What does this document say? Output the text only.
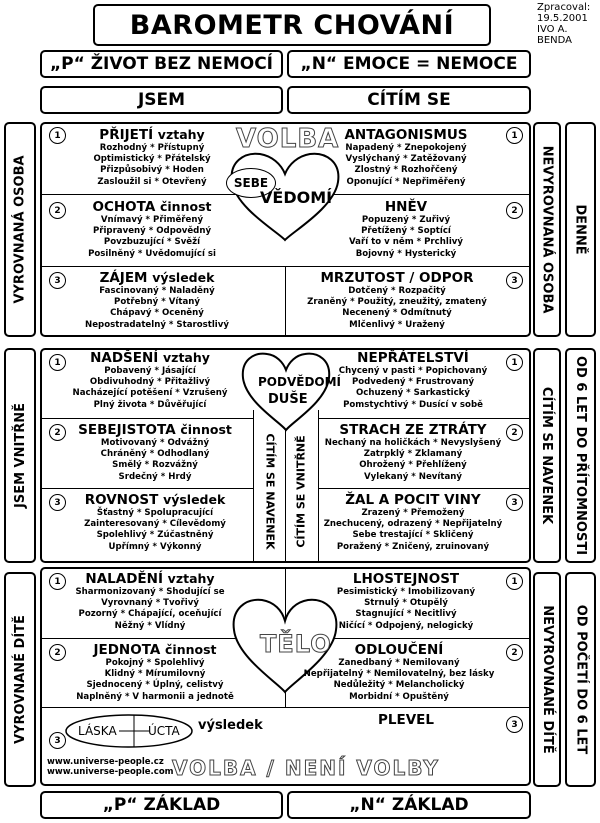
BAROMETR CHOVÁNÍ
Zpracoval:
19.5.2001
IVO A. BENDA
„P“ ŽIVOT BEZ NEMOCÍ „N“ EMOCE = NEMOCE
JSEM	CÍTÍM SE
VYROVNANÁ OSOBA
JSEM VNITŘNĚ
VYROVNANÉ DÍTĚ
NEVYROVNANÁ OSOBA
CÍTÍM SE NAVENEK
NEVYROVNANÉ DÍTĚ
DENNĚ
OD 6 LET DO PŘÍTOMNOSTI
OD POČETÍ DO 6 LET
VOLBA
SEBE
VĚDOMÍ
1	PŘIJETÍ vztahy
Rozhodný * Přístupný
Optimistický * Přátelský
Přizpůsobivý * Hoden
Zasloužil si * Otevřený
2	OCHOTA činnost
Vnímavý * Přiměřený
Připravený * Odpovědný
Povzbuzující * Svěží
Posilněný * Uvědomující si
3	ZÁJEM výsledek
Fascinovaný * Naladěný
Potřebný * Vítaný
Chápavý * Oceněný
Nepostradatelný * Starostlivý
1
ANTAGONISMUS
Napadený * Znepokojený
Vyslýchaný * Zatěžovaný
Zlostný * Rozhořčený
Oponující * Nepřiměřený
2
HNĚV
Popuzený * Zuřivý
Přetížený * Soptící
Vaří to v něm * Prchlivý
Bojovný * Hysterický
3
MRZUTOST / ODPOR
Dotčený * Rozpačitý
Zraněný * Použitý, zneužitý, zmatený
Necenený * Odmítnutý
Mlčenlivý * Uražený
PODVĚDOMÍ
DUŠE
CÍTÍM SE NAVENEK CÍTÍM SE VNITŘNĚ
1	NADŠENÍ vztahy
Pobavený * Jásající
Obdivuhodný * Přitažlivý
Nacházející potěšení * Vzrušený
Plný života * Důvěřující
2	SEBEJISTOTA činnost
Motivovaný * Odvážný
Chráněný * Odhodlaný
Smělý * Rozvážný
Srdečný * Hrdý
3	ROVNOST výsledek
Šťastný * Spolupracující
Zainteresovaný * Cílevědomý
Spolehlivý * Zúčastněný
Upřímný * Výkonný
1
NEPŘÁTELSTVÍ
Chycený v pasti * Popichovaný
Podvedený * Frustrovaný
Ochuzený * Sarkastický
Pomstychtivý * Dusící v sobě
2
STRACH ZE ZTRÁTY
Nechaný na holičkách * Nevyslyšený
Zatrpklý * Zklamaný
Ohrožený * Přehlížený
Vylekaný * Nevítaný
3
ŽAL A POCIT VINY
Zrazený * Přemožený
Znechucený, odrazený * Nepřijatelný
Sebe trestající * Skličený
Poražený * Zničený, zruinovaný
TĚLO
1	NALADĚNÍ vztahy
Sharmonizovaný * Shodující se
Vyrovnaný * Tvořivý
Pozorný * Chápající, oceňující
Něžný * Vlídný
2	JEDNOTA činnost
Pokojný * Spolehlivý
Klidný * Mírumilovný
Sjednocený * Úplný, celistvý
Naplněný * V harmonii a jednotě
3
LÁSKA	ÚCTA výsledek
www.universe-people.cz
www.universe-people.com
VOLBA / NENÍ VOLBY
1
LHOSTEJNOST
Pesimistický * Imobilizovaný
Strnulý * Otupělý
Stagnující * Necitlivý
Ničící * Odpojený, nelogický
2
ODLOUČENÍ
Zanedbaný * Nemilovaný
Nepřijatelný * Nemilovatelný, bez lásky
Nedůležitý * Melancholický
Morbidní * Opuštěný
3
PLEVEL
„P“ ZÁKLAD	„N“ ZÁKLAD
